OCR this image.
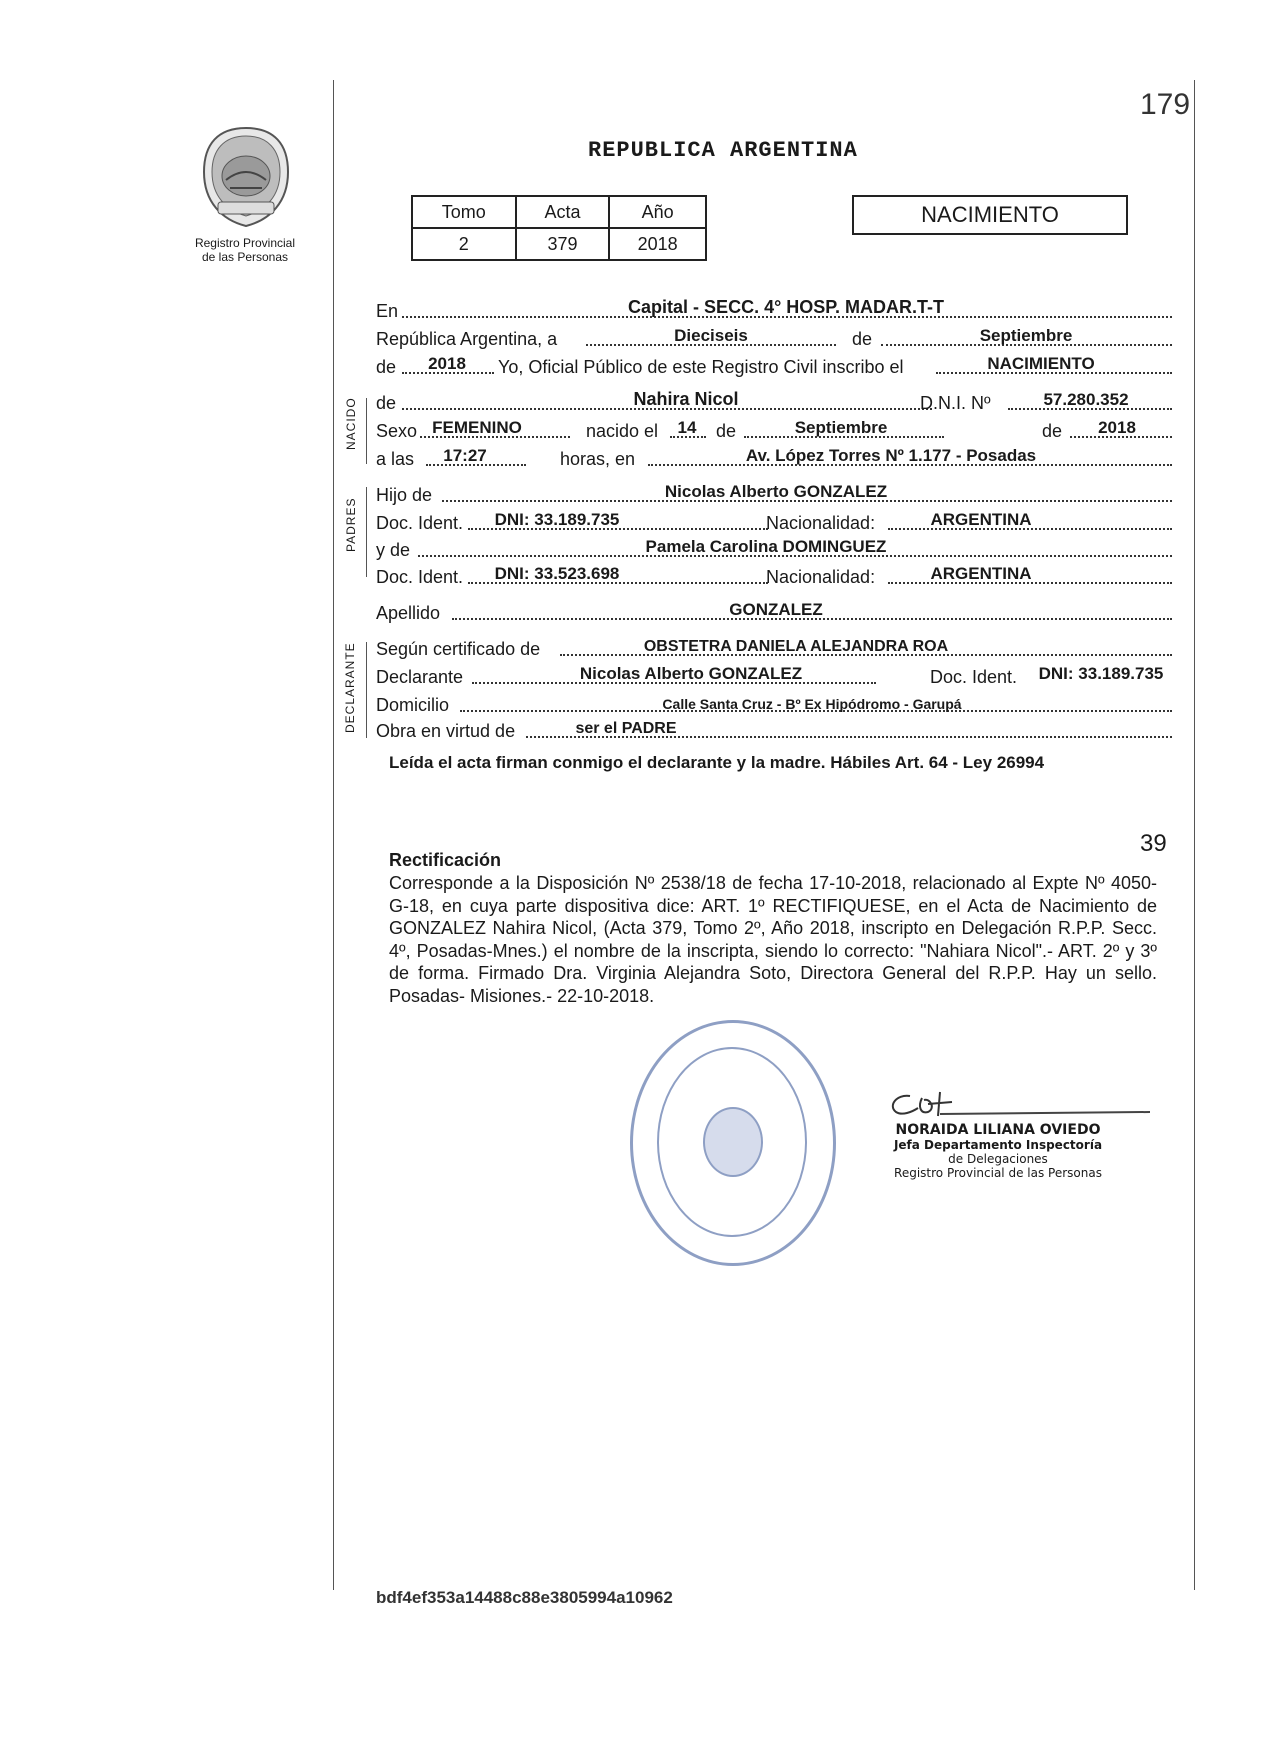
179
Registro Provincial
de las Personas
REPUBLICA ARGENTINA
Tomo	Acta	Año
2	379	2018
NACIMIENTO
NACIDO
PADRES
DECLARANTE
En	Capital - SECC. 4° HOSP. MADAR.T-T
República Argentina, a	Dieciseis	de	Septiembre
de	2018	Yo, Oficial Público de este Registro Civil inscribo el	NACIMIENTO
de	Nahira Nicol	D.N.I. Nº	57.280.352
Sexo FEMENINO	nacido el	14	de	Septiembre	de	2018
a las	17:27	horas, en	Av. López Torres Nº 1.177 - Posadas
Hijo de	Nicolas Alberto GONZALEZ
Doc. Ident.	DNI: 33.189.735	Nacionalidad:	ARGENTINA
y de	Pamela Carolina DOMINGUEZ
Doc. Ident.	DNI: 33.523.698	Nacionalidad:	ARGENTINA
Apellido	GONZALEZ
Según certificado de	OBSTETRA DANIELA ALEJANDRA ROA
Declarante	Nicolas Alberto GONZALEZ	Doc. Ident.	DNI: 33.189.735
Domicilio	Calle Santa Cruz - Bº Ex Hipódromo - Garupá
Obra en virtud de	ser el PADRE
Leída el acta firman conmigo el declarante y la madre. Hábiles Art. 64 - Ley 26994
39
Rectificación
Corresponde a la Disposición Nº 2538/18 de fecha 17-10-2018, relacionado al Expte Nº 4050-G-18, en cuya parte dispositiva dice: ART. 1º RECTIFIQUESE, en el Acta de Nacimiento de GONZALEZ Nahira Nicol, (Acta 379, Tomo 2º, Año 2018, inscripto en Delegación R.P.P. Secc. 4º, Posadas-Mnes.) el nombre de la inscripta, siendo lo correcto: "Nahiara Nicol".- ART. 2º y 3º de forma. Firmado Dra. Virginia Alejandra Soto, Directora General del R.P.P. Hay un sello. Posadas- Misiones.- 22-10-2018.
NORAIDA LILIANA OVIEDO
Jefa Departamento Inspectoría
de Delegaciones
Registro Provincial de las Personas
bdf4ef353a14488c88e3805994a10962
